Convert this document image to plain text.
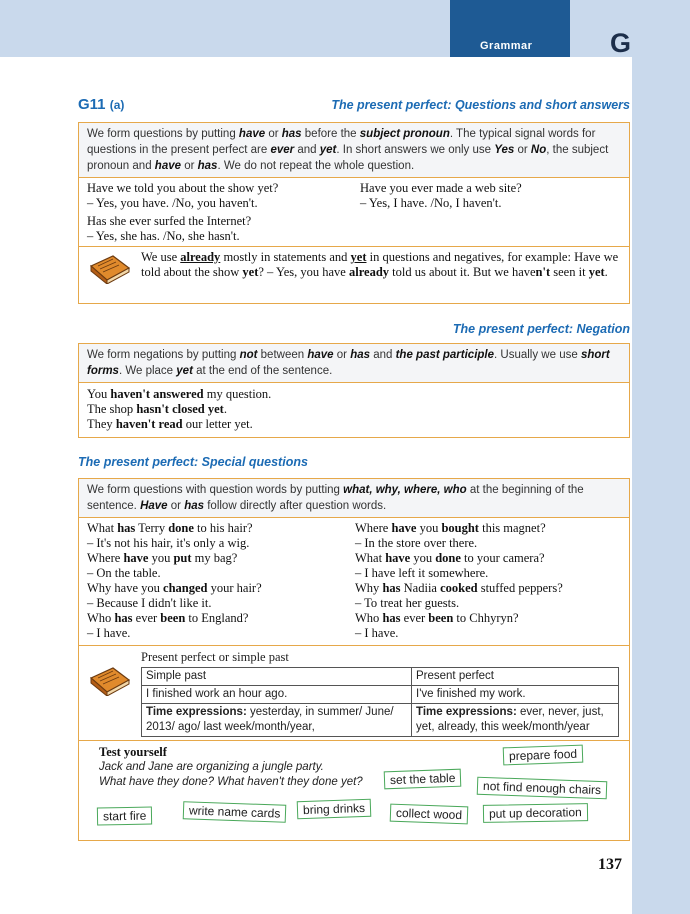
Grammar	G
G11 (a)	The present perfect: Questions and short answers
We form questions by putting have or has before the subject pronoun. The typical signal words for questions in the present perfect are ever and yet. In short answers we only use Yes or No, the subject pronoun and have or has. We do not repeat the whole question.
Have we told you about the show yet?
– Yes, you have. /No, you haven't.
Have you ever made a web site?
– Yes, I have. /No, I haven't.
Has she ever surfed the Internet?
– Yes, she has. /No, she hasn't.
We use already mostly in statements and yet in questions and negatives, for example: Have we told about the show yet? – Yes, you have already told us about it. But we haven't seen it yet.
The present perfect: Negation
We form negations by putting not between have or has and the past participle. Usually we use short forms. We place yet at the end of the sentence.
You haven't answered my question.
The shop hasn't closed yet.
They haven't read our letter yet.
The present perfect: Special questions
We form questions with question words by putting what, why, where, who at the beginning of the sentence. Have or has follow directly after question words.
What has Terry done to his hair?
– It's not his hair, it's only a wig.
Where have you put my bag?
– On the table.
Why have you changed your hair?
– Because I didn't like it.
Who has ever been to England?
– I have.
Where have you bought this magnet?
– In the store over there.
What have you done to your camera?
– I have left it somewhere.
Why has Nadiia cooked stuffed peppers?
– To treat her guests.
Who has ever been to Chhyryn?
– I have.
Present perfect or simple past
Simple past	Present perfect
I finished work an hour ago.	I've finished my work.
Time expressions: yesterday, in summer/ June/ 2013/ ago/ last week/month/year,	Time expressions: ever, never, just, yet, already, this week/month/year
Test yourself
Jack and Jane are organizing a jungle party.
What have they done? What haven't they done yet?
prepare food
set the table	not find enough chairs
start fire	write name cards	bring drinks	collect wood	put up decoration
137
